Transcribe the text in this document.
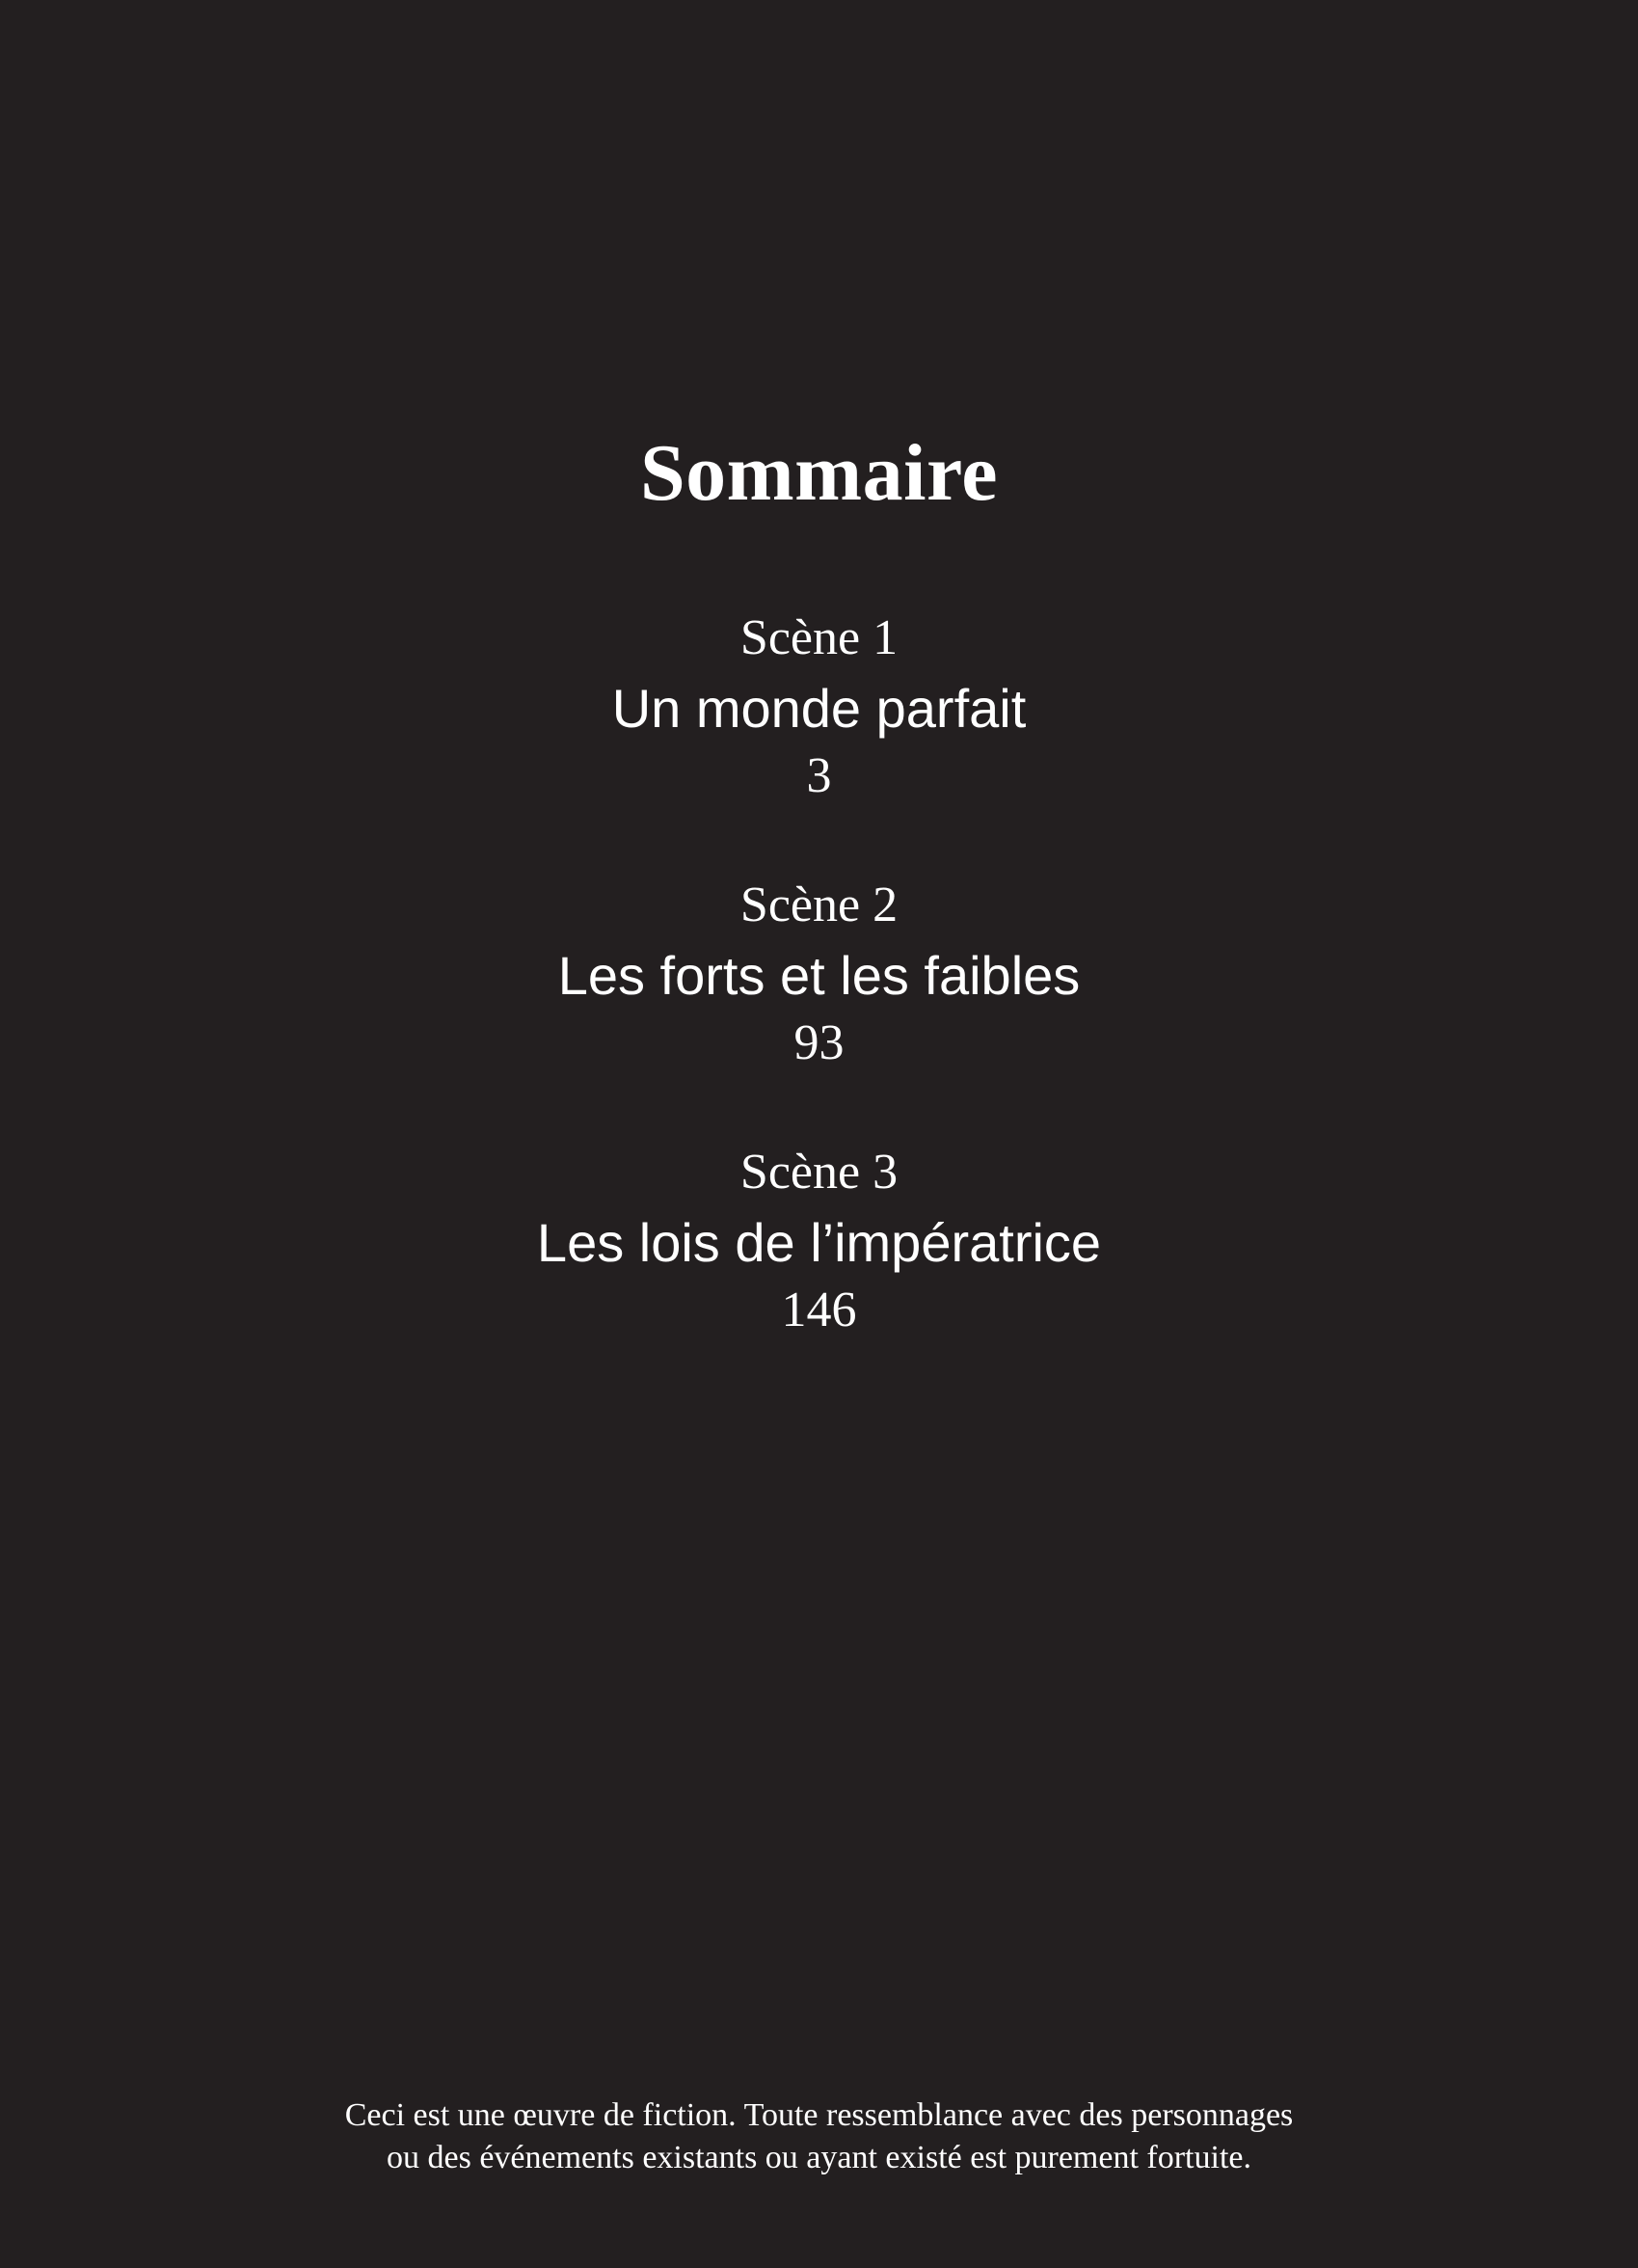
Sommaire
Scène 1
Un monde parfait
3
Scène 2
Les forts et les faibles
93
Scène 3
Les lois de l’impératrice
146
Ceci est une œuvre de fiction. Toute ressemblance avec des personnages
ou des événements existants ou ayant existé est purement fortuite.
